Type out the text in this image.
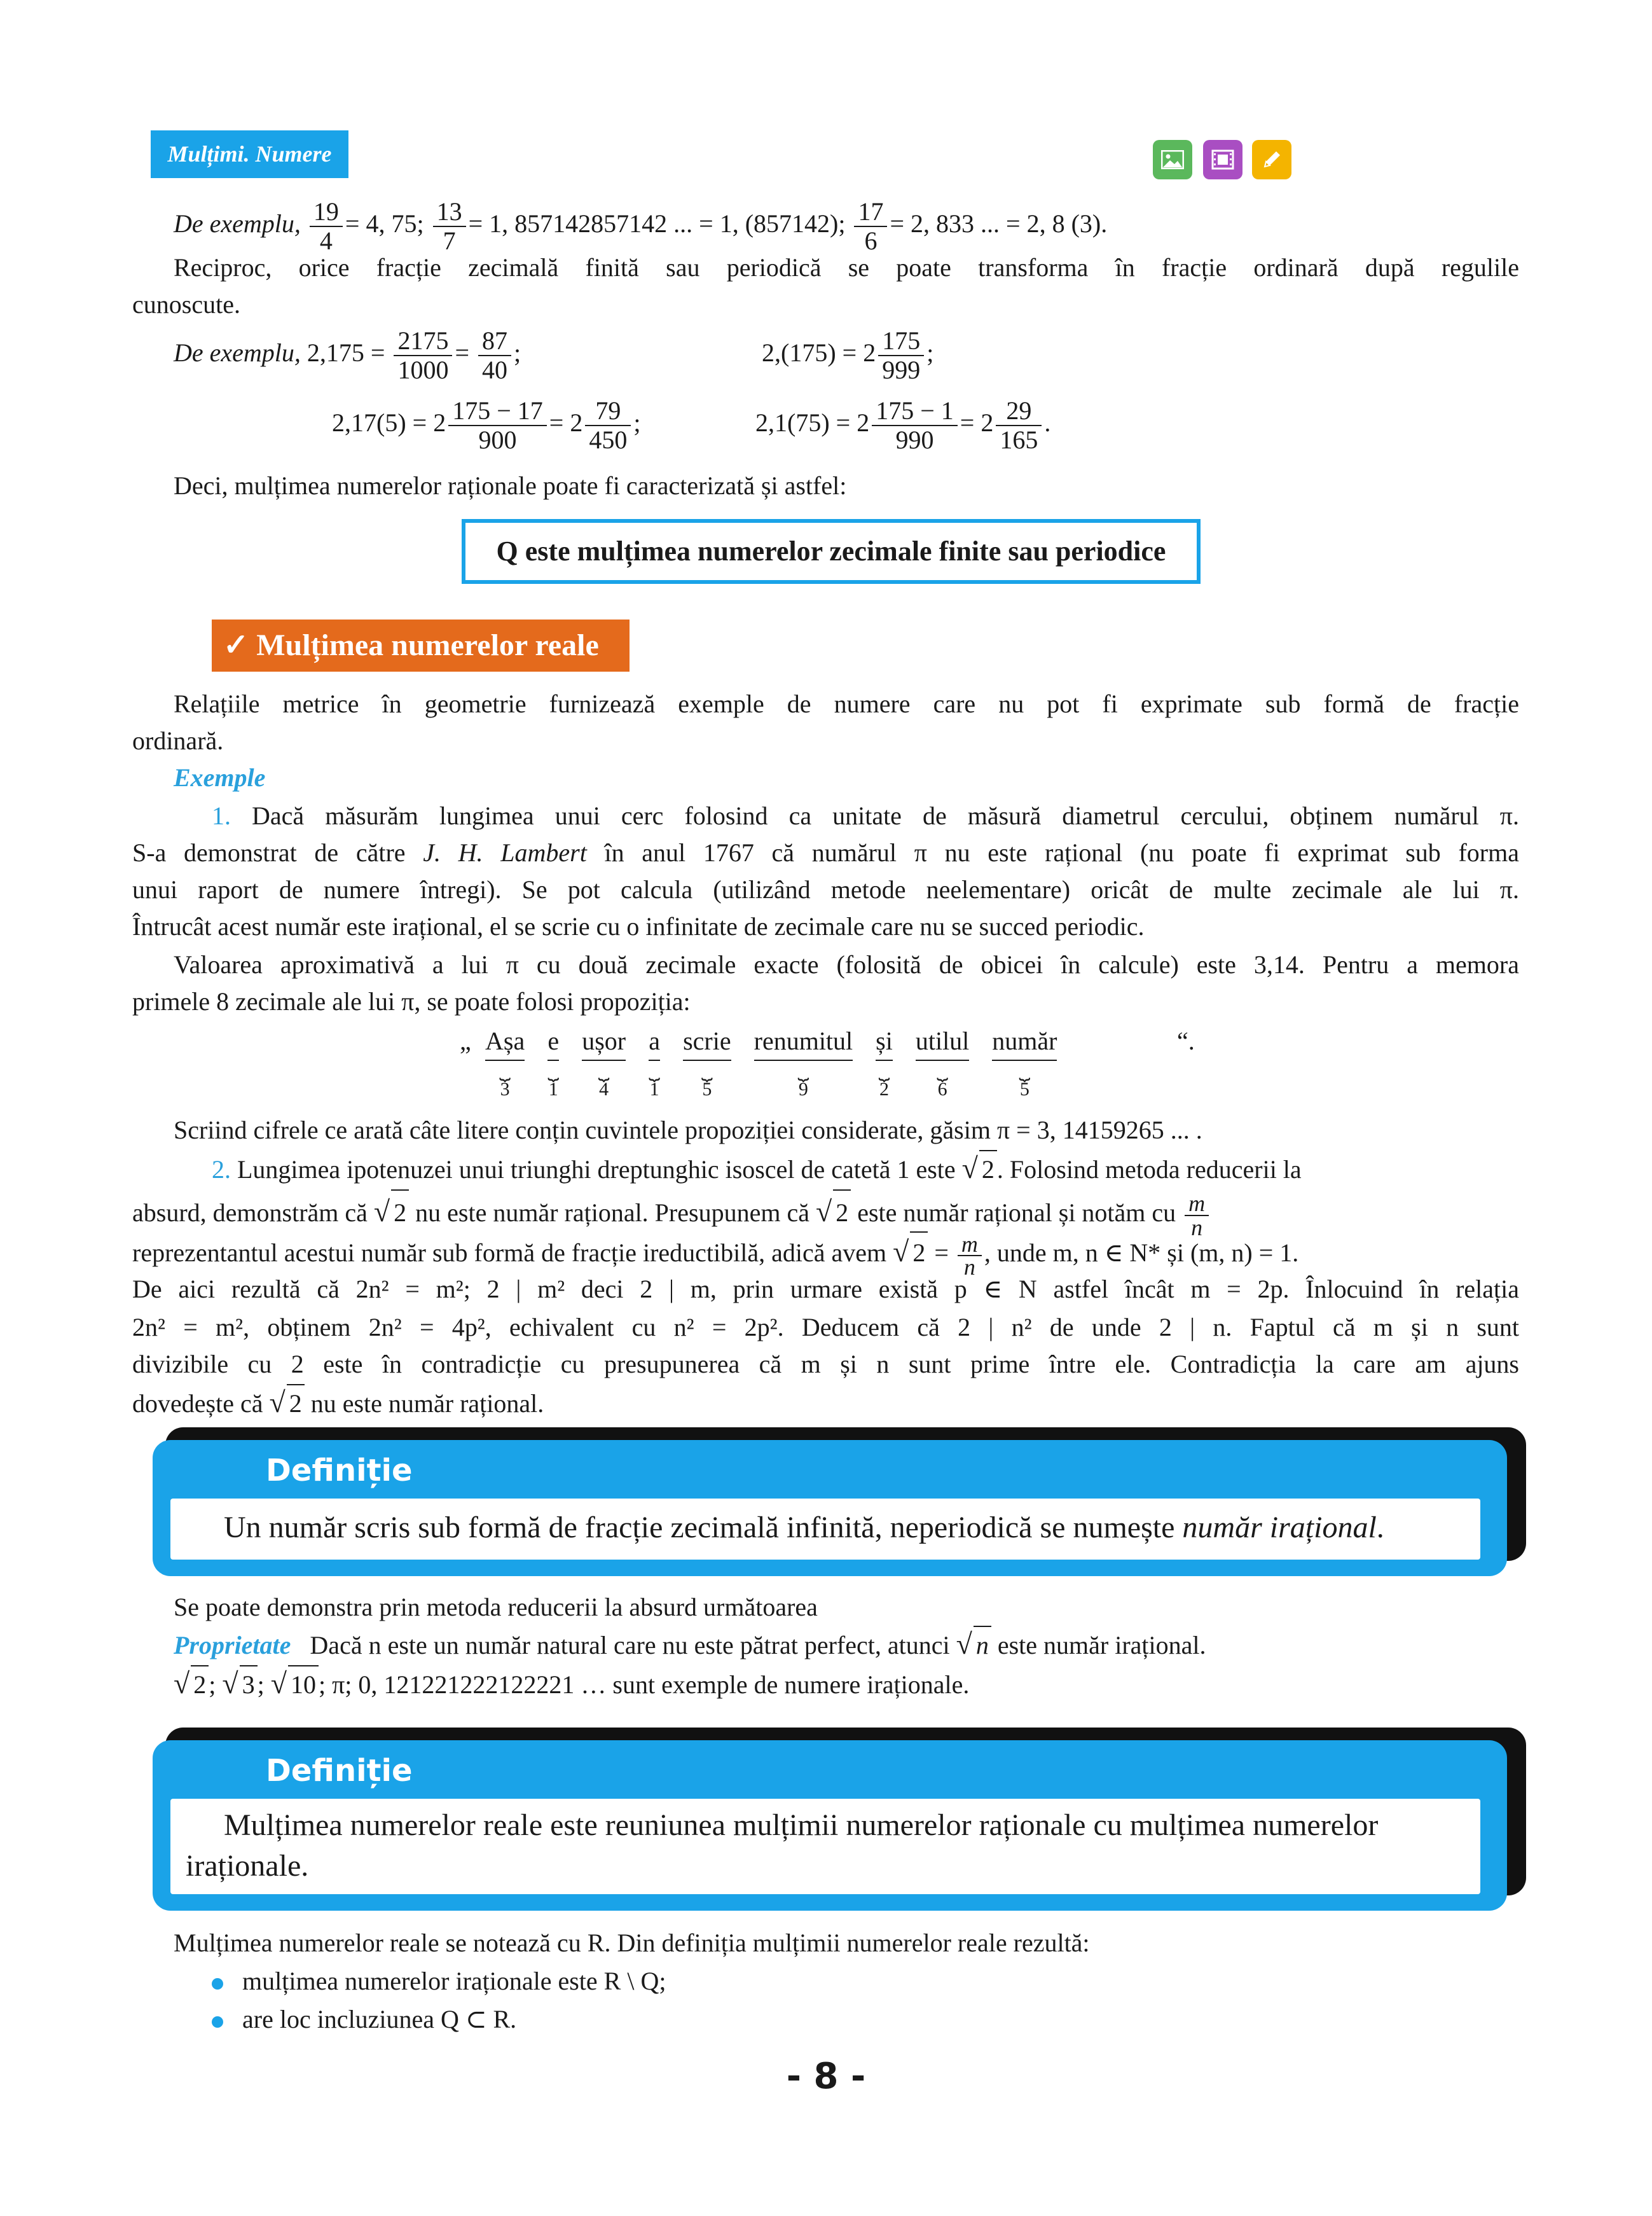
Mulțimi. Numere
De exemplu, $\frac{19}{4} = 4$, 75; $\frac{13}{7} = 1$, 857142857142 ... = 1, (857142); $\frac{17}{6} = 2$, 833 ... = 2, 8 (3).
Reciproc, orice fracție zecimală finită sau periodică se poate transforma în fracție ordinară după regulile
cunoscute.
De exemplu, $2,175 = \frac{2175}{1000} = \frac{87}{40}$ ;	$2,(175) = 2 \frac{175}{999}$ ;
$2,17(5) = 2 \frac{175 - 17}{900} = 2 \frac{79}{450}$ ;	$2,1(75) = 2 \frac{175 - 1}{990} = 2 \frac{29}{165}$ .
Deci, mulțimea numerelor raționale poate fi caracterizată și astfel:
Q este mulțimea numerelor zecimale finite sau periodice
✓ Mulțimea numerelor reale
Relațiile metrice în geometrie furnizează exemple de numere care nu pot fi exprimate sub formă de fracție
ordinară.
Exemple
1. Dacă măsurăm lungimea unui cerc folosind ca unitate de măsură diametrul cercului, obținem numărul π.
S-a demonstrat de către J. H. Lambert în anul 1767 că numărul π nu este rațional (nu poate fi exprimat sub forma
unui raport de numere întregi). Se pot calcula (utilizând metode neelementare) oricât de multe zecimale ale lui π.
Întrucât acest număr este irațional, el se scrie cu o infinitate de zecimale care nu se succed periodic.
Valoarea aproximativă a lui π cu două zecimale exacte (folosită de obicei în calcule) este 3,14. Pentru a memora
primele 8 zecimale ale lui π, se poate folosi propoziția:
„ Așa
⏟
3
e
⏟
1
ușor
⏟
4
a
⏟
1
scrie
⏟
5
renumitul
⏟
9
și
⏟
2
utilul
⏟
6
număr
⏟
5
“.
Scriind cifrele ce arată câte litere conțin cuvintele propoziției considerate, găsim π = 3, 14159265 ... .
2. Lungimea ipotenuzei unui triunghi dreptunghic isoscel de catetă 1 este √ 2 . Folosind metoda reducerii la
absurd, demonstrăm că √ 2 nu este număr rațional. Presupunem că √ 2 este număr rațional și notăm cu $\frac{m}{n}$
reprezentantul acestui număr sub formă de fracție ireductibilă, adică avem √ $2 = \frac{m}{n}$ , unde m, n ∈ N* și (m, n) = 1.
De aici rezultă că 2n² = m²; 2 | m² deci 2 | m, prin urmare există p ∈ N astfel încât m = 2p. Înlocuind în relația
2n² = m², obținem 2n² = 4p², echivalent cu n² = 2p². Deducem că 2 | n² de unde 2 | n. Faptul că m și n sunt
divizibile cu 2 este în contradicție cu presupunerea că m și n sunt prime între ele. Contradicția la care am ajuns
dovedește că √ 2 nu este număr rațional.
Definiție
Un număr scris sub formă de fracție zecimală infinită, neperiodică se numește număr irațional.
Se poate demonstra prin metoda reducerii la absurd următoarea
Proprietate Dacă n este un număr natural care nu este pătrat perfect, atunci √ n este număr irațional.
√ 2 ; √ 3 ; √ 10 ; π; 0, 121221222122221 … sunt exemple de numere iraționale.
Definiție
Mulțimea numerelor reale este reuniunea mulțimii numerelor raționale cu mulțimea numerelor
iraționale.
Mulțimea numerelor reale se notează cu R. Din definiția mulțimii numerelor reale rezultă:
mulțimea numerelor iraționale este R \ Q;
are loc incluziunea Q ⊂ R.
- 8 -
